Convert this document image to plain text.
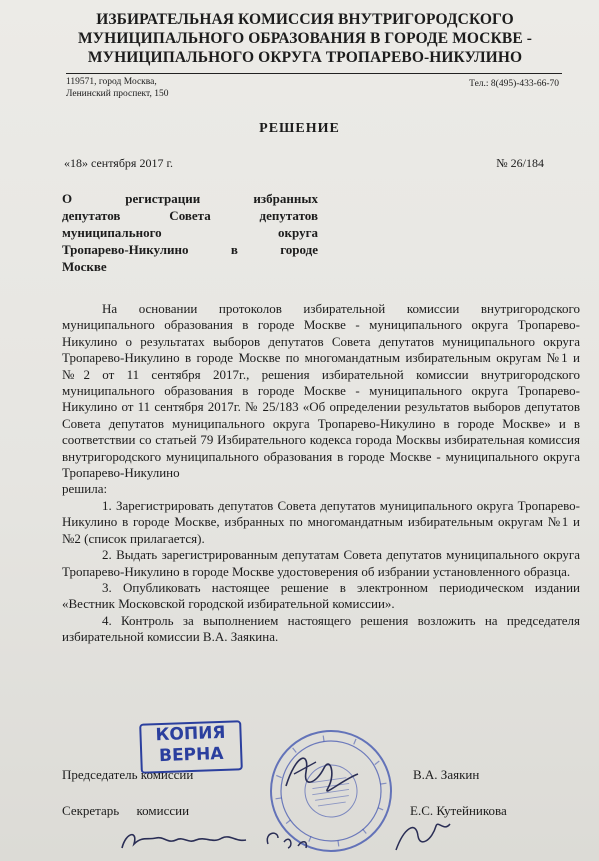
ИЗБИРАТЕЛЬНАЯ КОМИССИЯ ВНУТРИГОРОДСКОГО
МУНИЦИПАЛЬНОГО ОБРАЗОВАНИЯ В ГОРОДЕ МОСКВЕ -
МУНИЦИПАЛЬНОГО ОКРУГА ТРОПАРЕВО-НИКУЛИНО
119571, город Москва,
Ленинский проспект, 150
Тел.: 8(495)-433-66-70
РЕШЕНИЕ
«18» сентября 2017 г.	№ 26/184
О регистрации избранных
депутатов Совета депутатов
муниципального округа
Тропарево-Никулино в городе
Москве

На основании протоколов избирательной комиссии внутригородского муниципального образования в городе Москве - муниципального округа Тропарево-Никулино о результатах выборов депутатов Совета депутатов муниципального округа Тропарево-Никулино в городе Москве по многомандатным избирательным округам №1 и №2 от 11 сентября 2017г., решения избирательной комиссии внутригородского муниципального образования в городе Москве - муниципального округа Тропарево-Никулино от 11 сентября 2017г. № 25/183 «Об определении результатов выборов депутатов Совета депутатов муниципального округа Тропарево-Никулино в городе Москве» и в соответствии со статьей 79 Избирательного кодекса города Москвы избирательная комиссия внутригородского муниципального образования в городе Москве - муниципального округа Тропарево-Никулино

решила:

1. Зарегистрировать депутатов Совета депутатов муниципального округа Тропарево-Никулино в городе Москве, избранных по многомандатным избирательным округам №1 и №2 (список прилагается).

2. Выдать зарегистрированным депутатам Совета депутатов муниципального округа Тропарево-Никулино в городе Москве удостоверения об избрании установленного образца.

3. Опубликовать настоящее решение в электронном периодическом издании «Вестник Московской городской избирательной комиссии».

4. Контроль за выполнением настоящего решения возложить на председателя избирательной комиссии В.А. Заякина.

КОПИЯ
ВЕРНА
Председатель комиссии	В.А. Заякин
Секретарь комиссии	Е.С. Кутейникова
